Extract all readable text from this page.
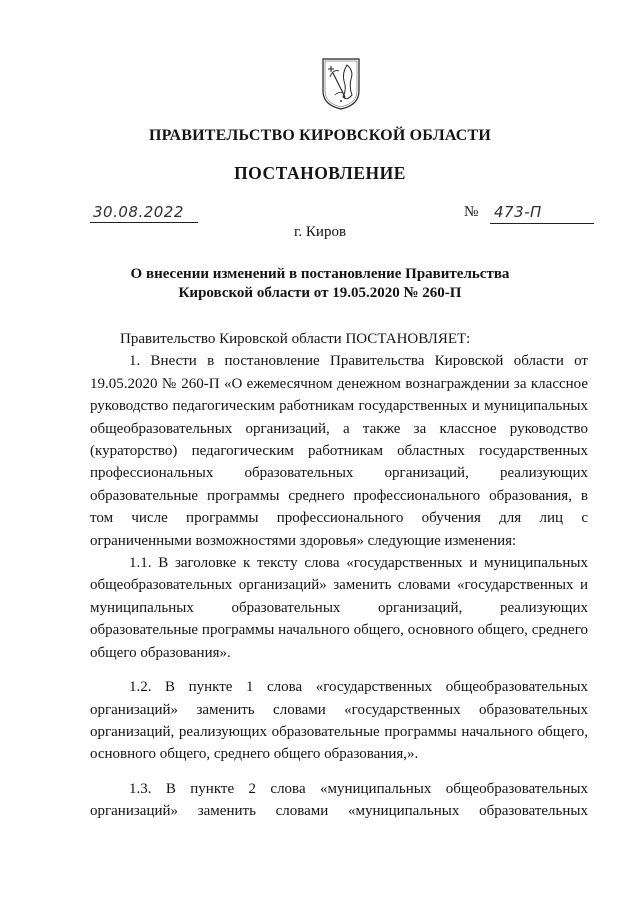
ПРАВИТЕЛЬСТВО КИРОВСКОЙ ОБЛАСТИ
ПОСТАНОВЛЕНИЕ
30.08.2022	№ 473-П
г. Киров
О внесении изменений в постановление Правительства
Кировской области от 19.05.2020 № 260-П

Правительство Кировской области ПОСТАНОВЛЯЕТ:

1. Внести в постановление Правительства Кировской области от 19.05.2020 № 260-П «О ежемесячном денежном вознаграждении за классное руководство педагогическим работникам государственных и муниципальных общеобразовательных организаций, а также за классное руководство (кураторство) педагогическим работникам областных государственных профессиональных образовательных организаций, реализующих образовательные программы среднего профессионального образования, в том числе программы профессионального обучения для лиц с ограниченными возможностями здоровья» следующие изменения:

1.1. В заголовке к тексту слова «государственных и муниципальных общеобразовательных организаций» заменить словами «государственных и муниципальных образовательных организаций, реализующих образовательные программы начального общего, основного общего, среднего общего образования».

1.2. В пункте 1 слова «государственных общеобразовательных организаций» заменить словами «государственных образовательных организаций, реализующих образовательные программы начального общего, основного общего, среднего общего образования,».

1.3. В пункте 2 слова «муниципальных общеобразовательных организаций» заменить словами «муниципальных образовательных
